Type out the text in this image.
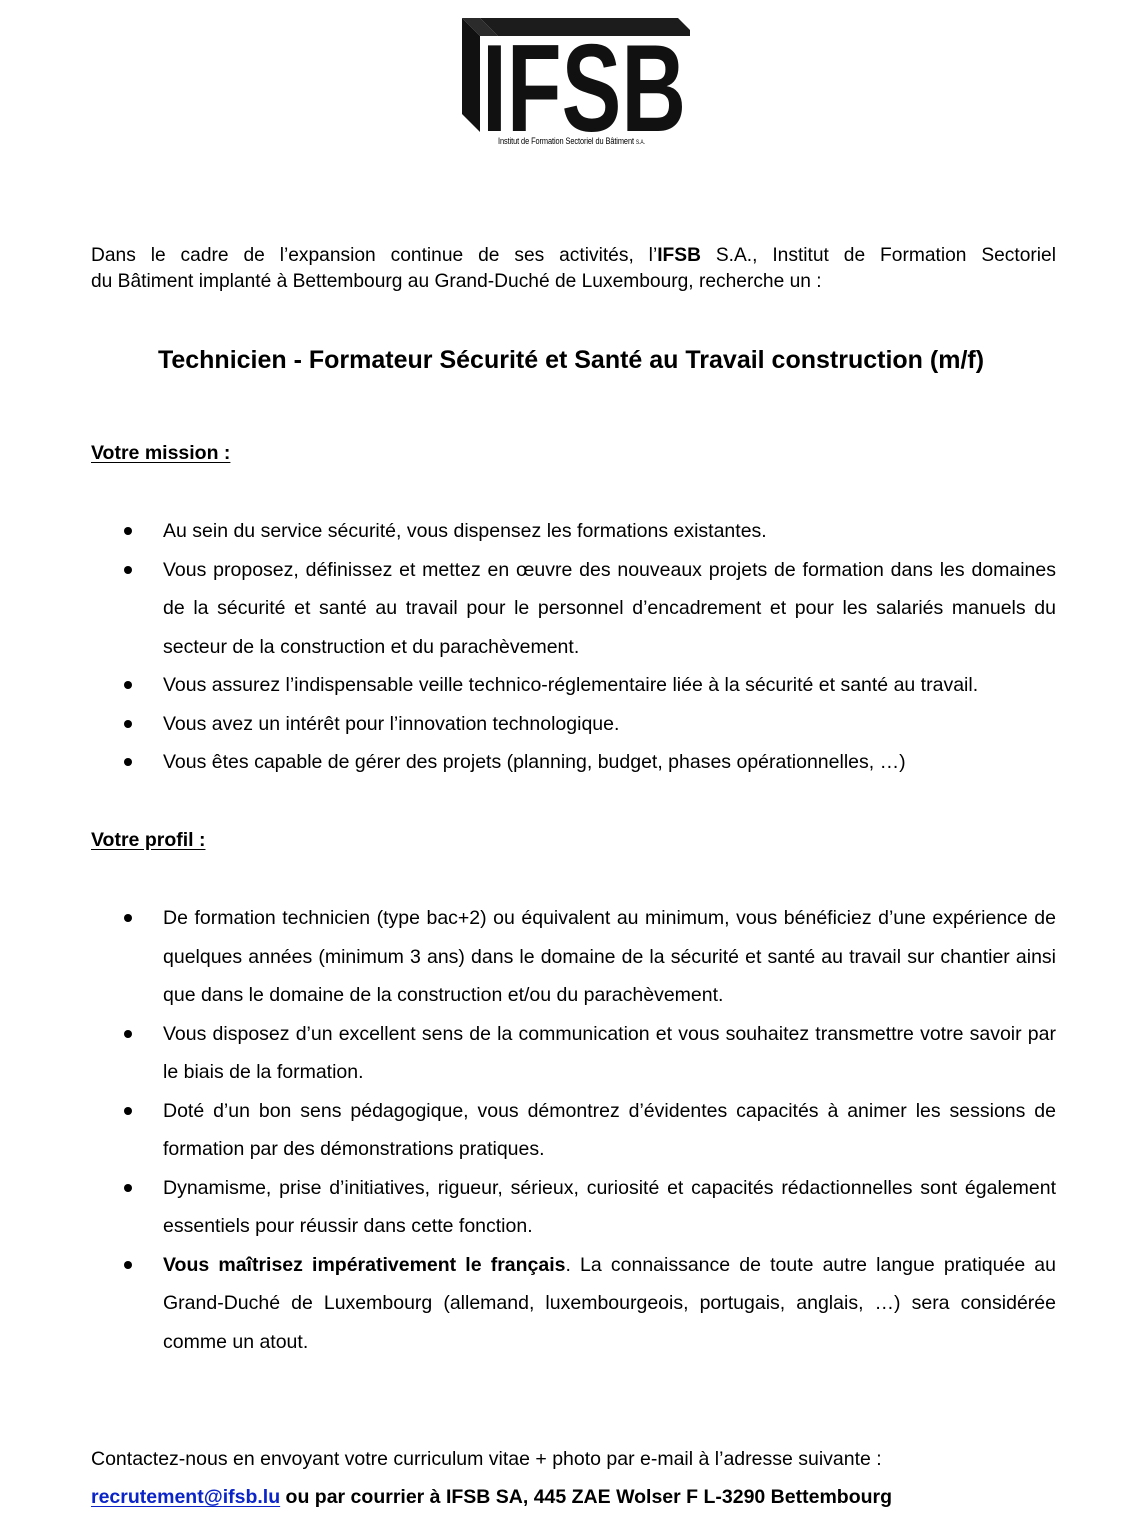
IFSB
Institut de Formation Sectoriel du Bâtiment S.A.
Dans le cadre de l’expansion continue de ses activités, l’IFSB S.A., Institut de Formation Sectoriel
du Bâtiment implanté à Bettembourg au Grand-Duché de Luxembourg, recherche un :
Technicien - Formateur Sécurité et Santé au Travail construction (m/f)
Votre mission :
Au sein du service sécurité, vous dispensez les formations existantes.
Vous proposez, définissez et mettez en œuvre des nouveaux projets de formation dans les domaines de la sécurité et santé au travail pour le personnel d’encadrement et pour les salariés manuels du secteur de la construction et du parachèvement.
Vous assurez l’indispensable veille technico-réglementaire liée à la sécurité et santé au travail.
Vous avez un intérêt pour l’innovation technologique.
Vous êtes capable de gérer des projets (planning, budget, phases opérationnelles, …)
Votre profil :
De formation technicien (type bac+2) ou équivalent au minimum, vous bénéficiez d’une expérience de quelques années (minimum 3 ans) dans le domaine de la sécurité et santé au travail sur chantier ainsi que dans le domaine de la construction et/ou du parachèvement.
Vous disposez d’un excellent sens de la communication et vous souhaitez transmettre votre savoir par le biais de la formation.
Doté d’un bon sens pédagogique, vous démontrez d’évidentes capacités à animer les sessions de formation par des démonstrations pratiques.
Dynamisme, prise d’initiatives, rigueur, sérieux, curiosité et capacités rédactionnelles sont également essentiels pour réussir dans cette fonction.
Vous maîtrisez impérativement le français. La connaissance de toute autre langue pratiquée au Grand-Duché de Luxembourg (allemand, luxembourgeois, portugais, anglais, …) sera considérée comme un atout.
Contactez-nous en envoyant votre curriculum vitae + photo par e-mail à l’adresse suivante :
recrutement@ifsb.lu ou par courrier à IFSB SA, 445 ZAE Wolser F L-3290 Bettembourg
